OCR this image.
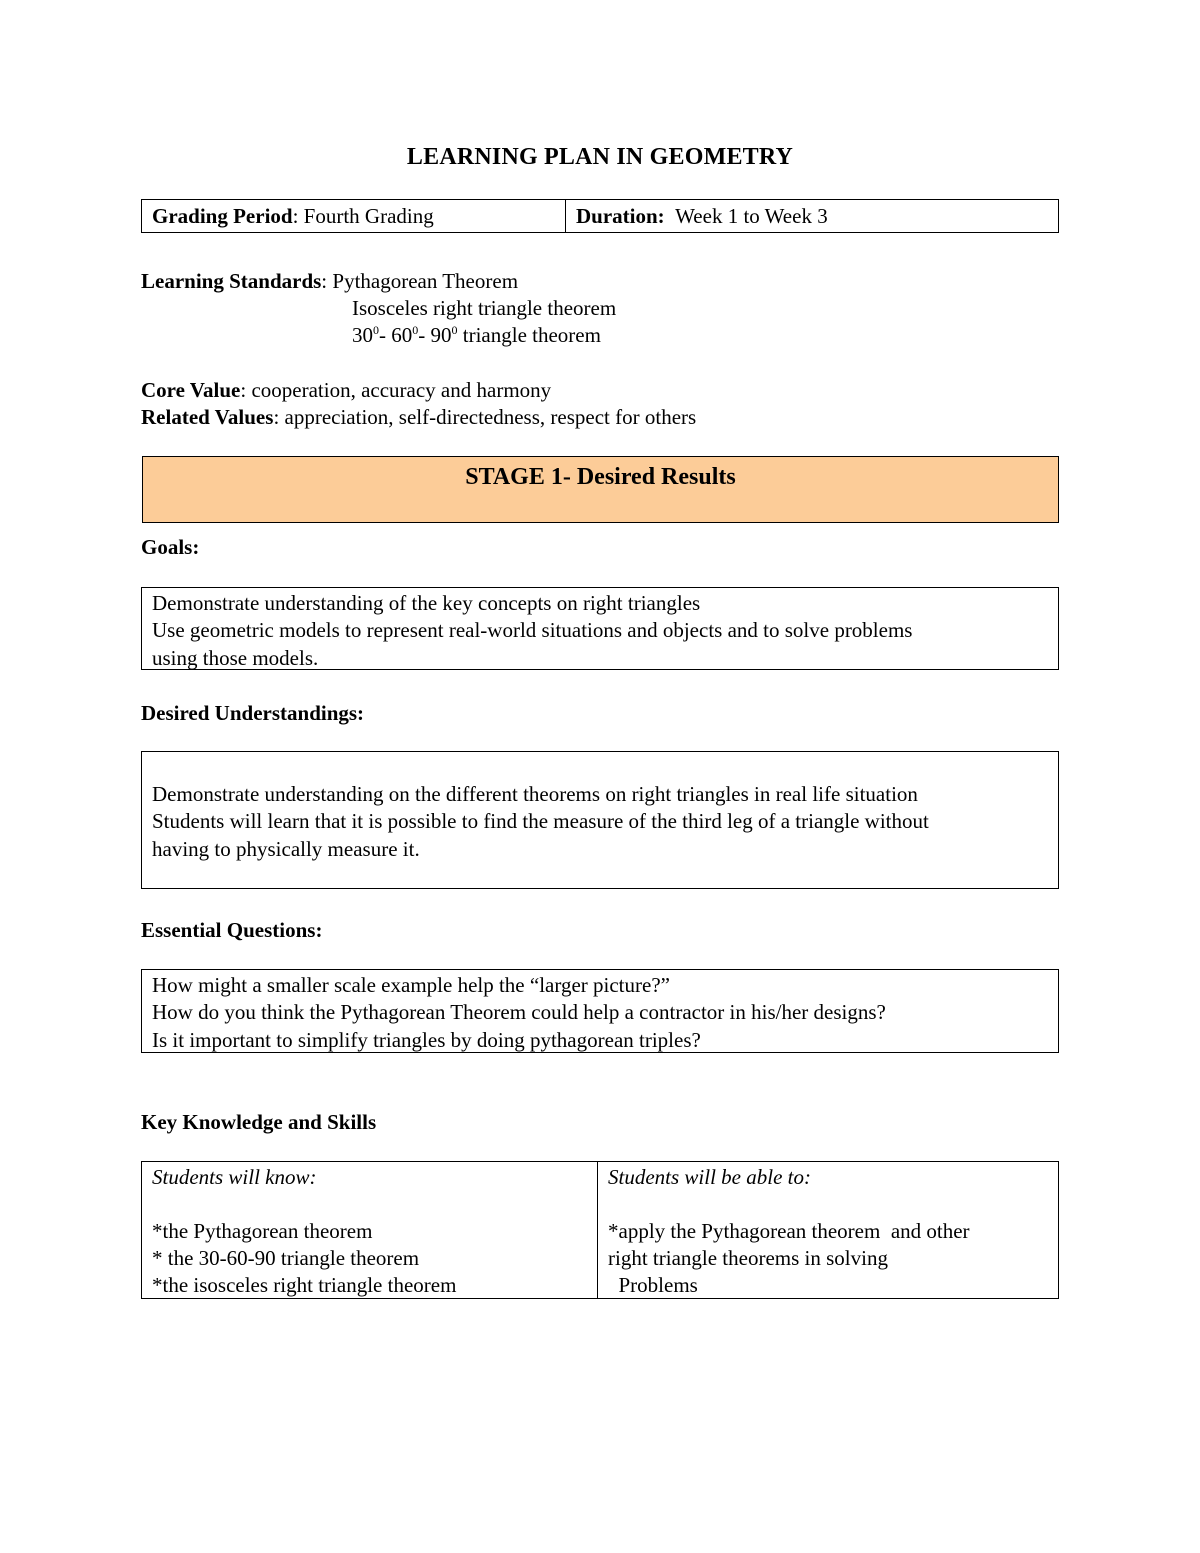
LEARNING PLAN IN GEOMETRY
Grading Period: Fourth Grading	Duration: Week 1 to Week 3
Learning Standards: Pythagorean Theorem
Isosceles right triangle theorem
$30^0-$ $60^0-$ $90^0$ triangle theorem
Core Value: cooperation, accuracy and harmony
Related Values: appreciation, self-directedness, respect for others
STAGE 1- Desired Results
Goals:
Demonstrate understanding of the key concepts on right triangles
Use geometric models to represent real-world situations and objects and to solve problems
using those models.
Desired Understandings:
Demonstrate understanding on the different theorems on right triangles in real life situation
Students will learn that it is possible to find the measure of the third leg of a triangle without
having to physically measure it.
Essential Questions:
How might a smaller scale example help the “larger picture?”
How do you think the Pythagorean Theorem could help a contractor in his/her designs?
Is it important to simplify triangles by doing pythagorean triples?
Key Knowledge and Skills
Students will know:
*the Pythagorean theorem
* the 30-60-90 triangle theorem
*the isosceles right triangle theorem
Students will be able to:
*apply the Pythagorean theorem  and other
right triangle theorems in solving
Problems
